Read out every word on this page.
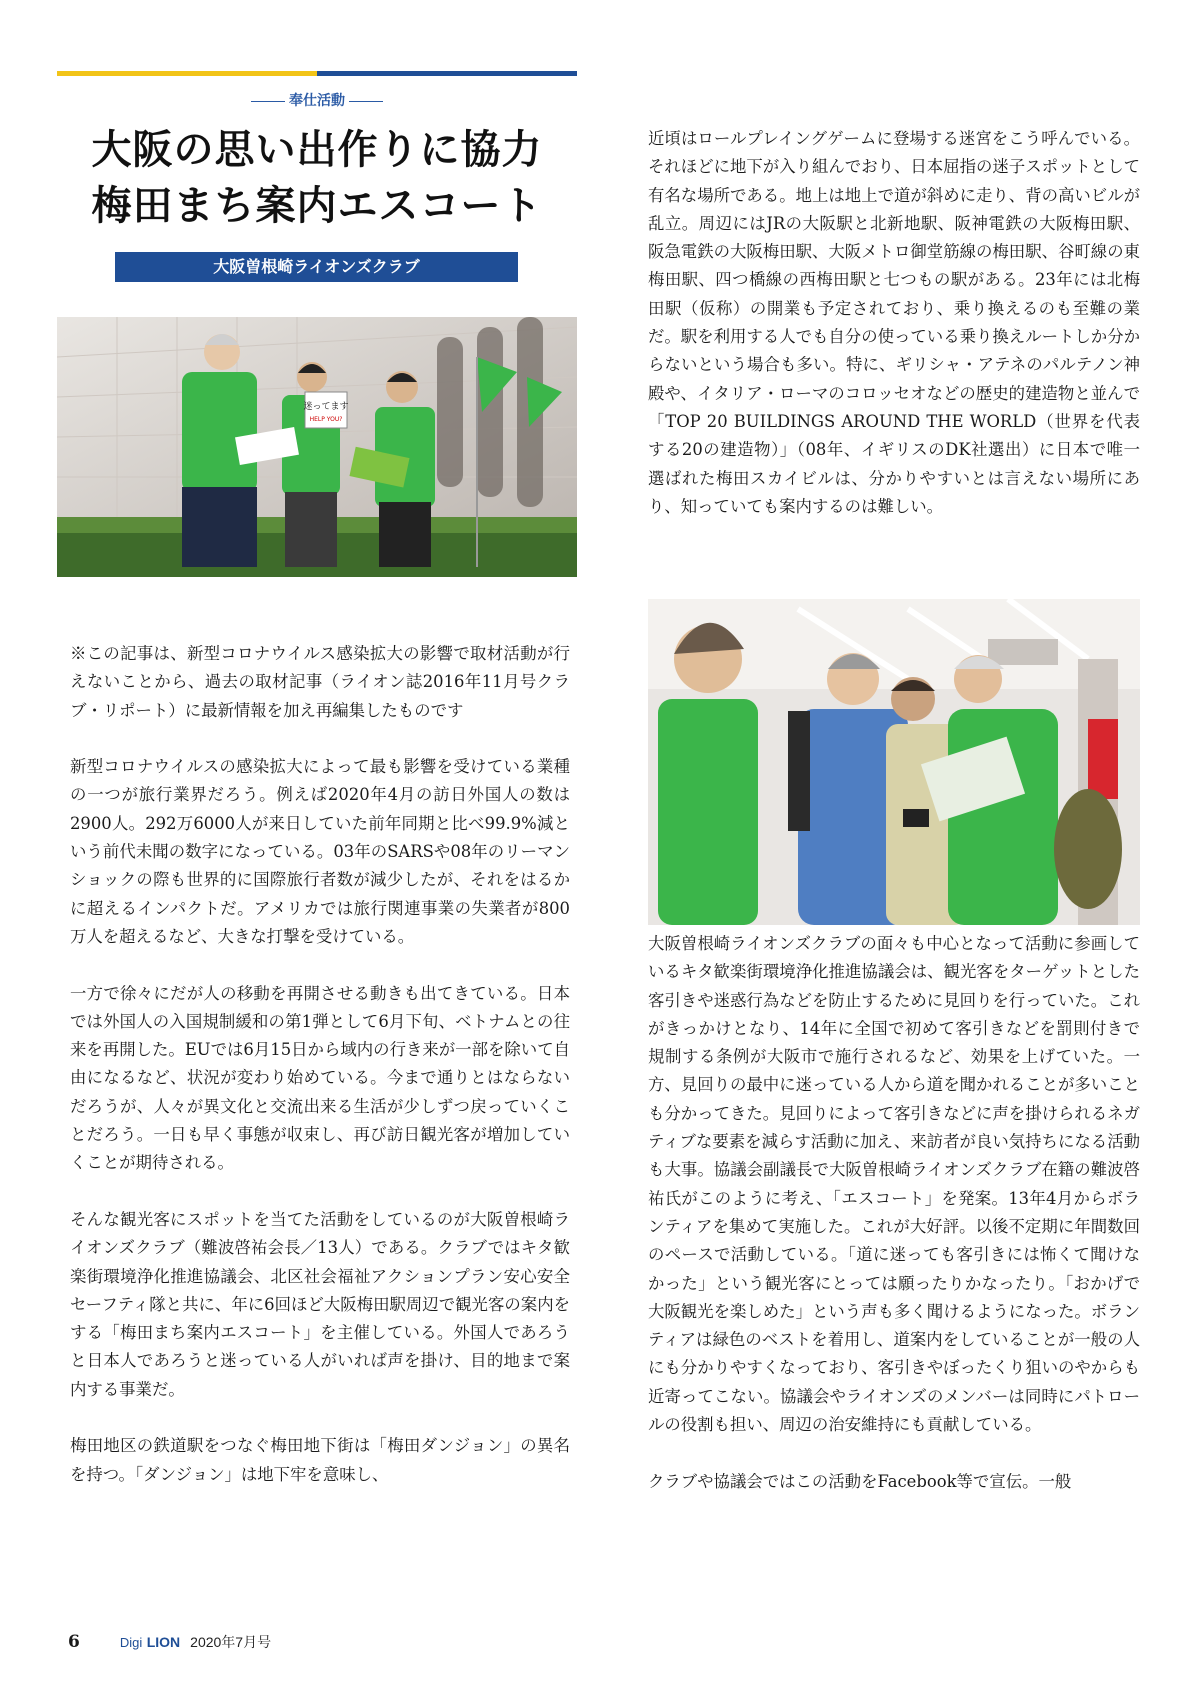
奉仕活動
大阪の思い出作りに協力
梅田まち案内エスコート
大阪曽根崎ライオンズクラブ
迷ってます
HELP YOU?

※この記事は、新型コロナウイルス感染拡大の影響で取材活動が行えないことから、過去の取材記事（ライオン誌2016年11月号クラブ・リポート）に最新情報を加え再編集したものです

新型コロナウイルスの感染拡大によって最も影響を受けている業種の一つが旅行業界だろう。例えば2020年4月の訪日外国人の数は2900人。292万6000人が来日していた前年同期と比べ99.9%減という前代未聞の数字になっている。03年のSARSや08年のリーマンショックの際も世界的に国際旅行者数が減少したが、それをはるかに超えるインパクトだ。アメリカでは旅行関連事業の失業者が800万人を超えるなど、大きな打撃を受けている。

一方で徐々にだが人の移動を再開させる動きも出てきている。日本では外国人の入国規制緩和の第1弾として6月下旬、ベトナムとの往来を再開した。EUでは6月15日から域内の行き来が一部を除いて自由になるなど、状況が変わり始めている。今まで通りとはならないだろうが、人々が異文化と交流出来る生活が少しずつ戻っていくことだろう。一日も早く事態が収束し、再び訪日観光客が増加していくことが期待される。

そんな観光客にスポットを当てた活動をしているのが大阪曽根崎ライオンズクラブ（難波啓祐会長／13人）である。クラブではキタ歓楽街環境浄化推進協議会、北区社会福祉アクションプラン安心安全セーフティ隊と共に、年に6回ほど大阪梅田駅周辺で観光客の案内をする「梅田まち案内エスコート」を主催している。外国人であろうと日本人であろうと迷っている人がいれば声を掛け、目的地まで案内する事業だ。

梅田地区の鉄道駅をつなぐ梅田地下街は「梅田ダンジョン」の異名を持つ。「ダンジョン」は地下牢を意味し、

近頃はロールプレイングゲームに登場する迷宮をこう呼んでいる。それほどに地下が入り組んでおり、日本屈指の迷子スポットとして有名な場所である。地上は地上で道が斜めに走り、背の高いビルが乱立。周辺にはJRの大阪駅と北新地駅、阪神電鉄の大阪梅田駅、阪急電鉄の大阪梅田駅、大阪メトロ御堂筋線の梅田駅、谷町線の東梅田駅、四つ橋線の西梅田駅と七つもの駅がある。23年には北梅田駅（仮称）の開業も予定されており、乗り換えるのも至難の業だ。駅を利用する人でも自分の使っている乗り換えルートしか分からないという場合も多い。特に、ギリシャ・アテネのパルテノン神殿や、イタリア・ローマのコロッセオなどの歴史的建造物と並んで「TOP 20 BUILDINGS AROUND THE WORLD（世界を代表する20の建造物）」（08年、イギリスのDK社選出）に日本で唯一選ばれた梅田スカイビルは、分かりやすいとは言えない場所にあり、知っていても案内するのは難しい。

大阪曽根崎ライオンズクラブの面々も中心となって活動に参画しているキタ歓楽街環境浄化推進協議会は、観光客をターゲットとした客引きや迷惑行為などを防止するために見回りを行っていた。これがきっかけとなり、14年に全国で初めて客引きなどを罰則付きで規制する条例が大阪市で施行されるなど、効果を上げていた。一方、見回りの最中に迷っている人から道を聞かれることが多いことも分かってきた。見回りによって客引きなどに声を掛けられるネガティブな要素を減らす活動に加え、来訪者が良い気持ちになる活動も大事。協議会副議長で大阪曽根崎ライオンズクラブ在籍の難波啓祐氏がこのように考え、「エスコート」を発案。13年4月からボランティアを集めて実施した。これが大好評。以後不定期に年間数回のペースで活動している。「道に迷っても客引きには怖くて聞けなかった」という観光客にとっては願ったりかなったり。「おかげで大阪観光を楽しめた」という声も多く聞けるようになった。ボランティアは緑色のベストを着用し、道案内をしていることが一般の人にも分かりやすくなっており、客引きやぼったくり狙いのやからも近寄ってこない。協議会やライオンズのメンバーは同時にパトロールの役割も担い、周辺の治安維持にも貢献している。

クラブや協議会ではこの活動をFacebook等で宣伝。一般

6	Digi
LION 2020年7月号
